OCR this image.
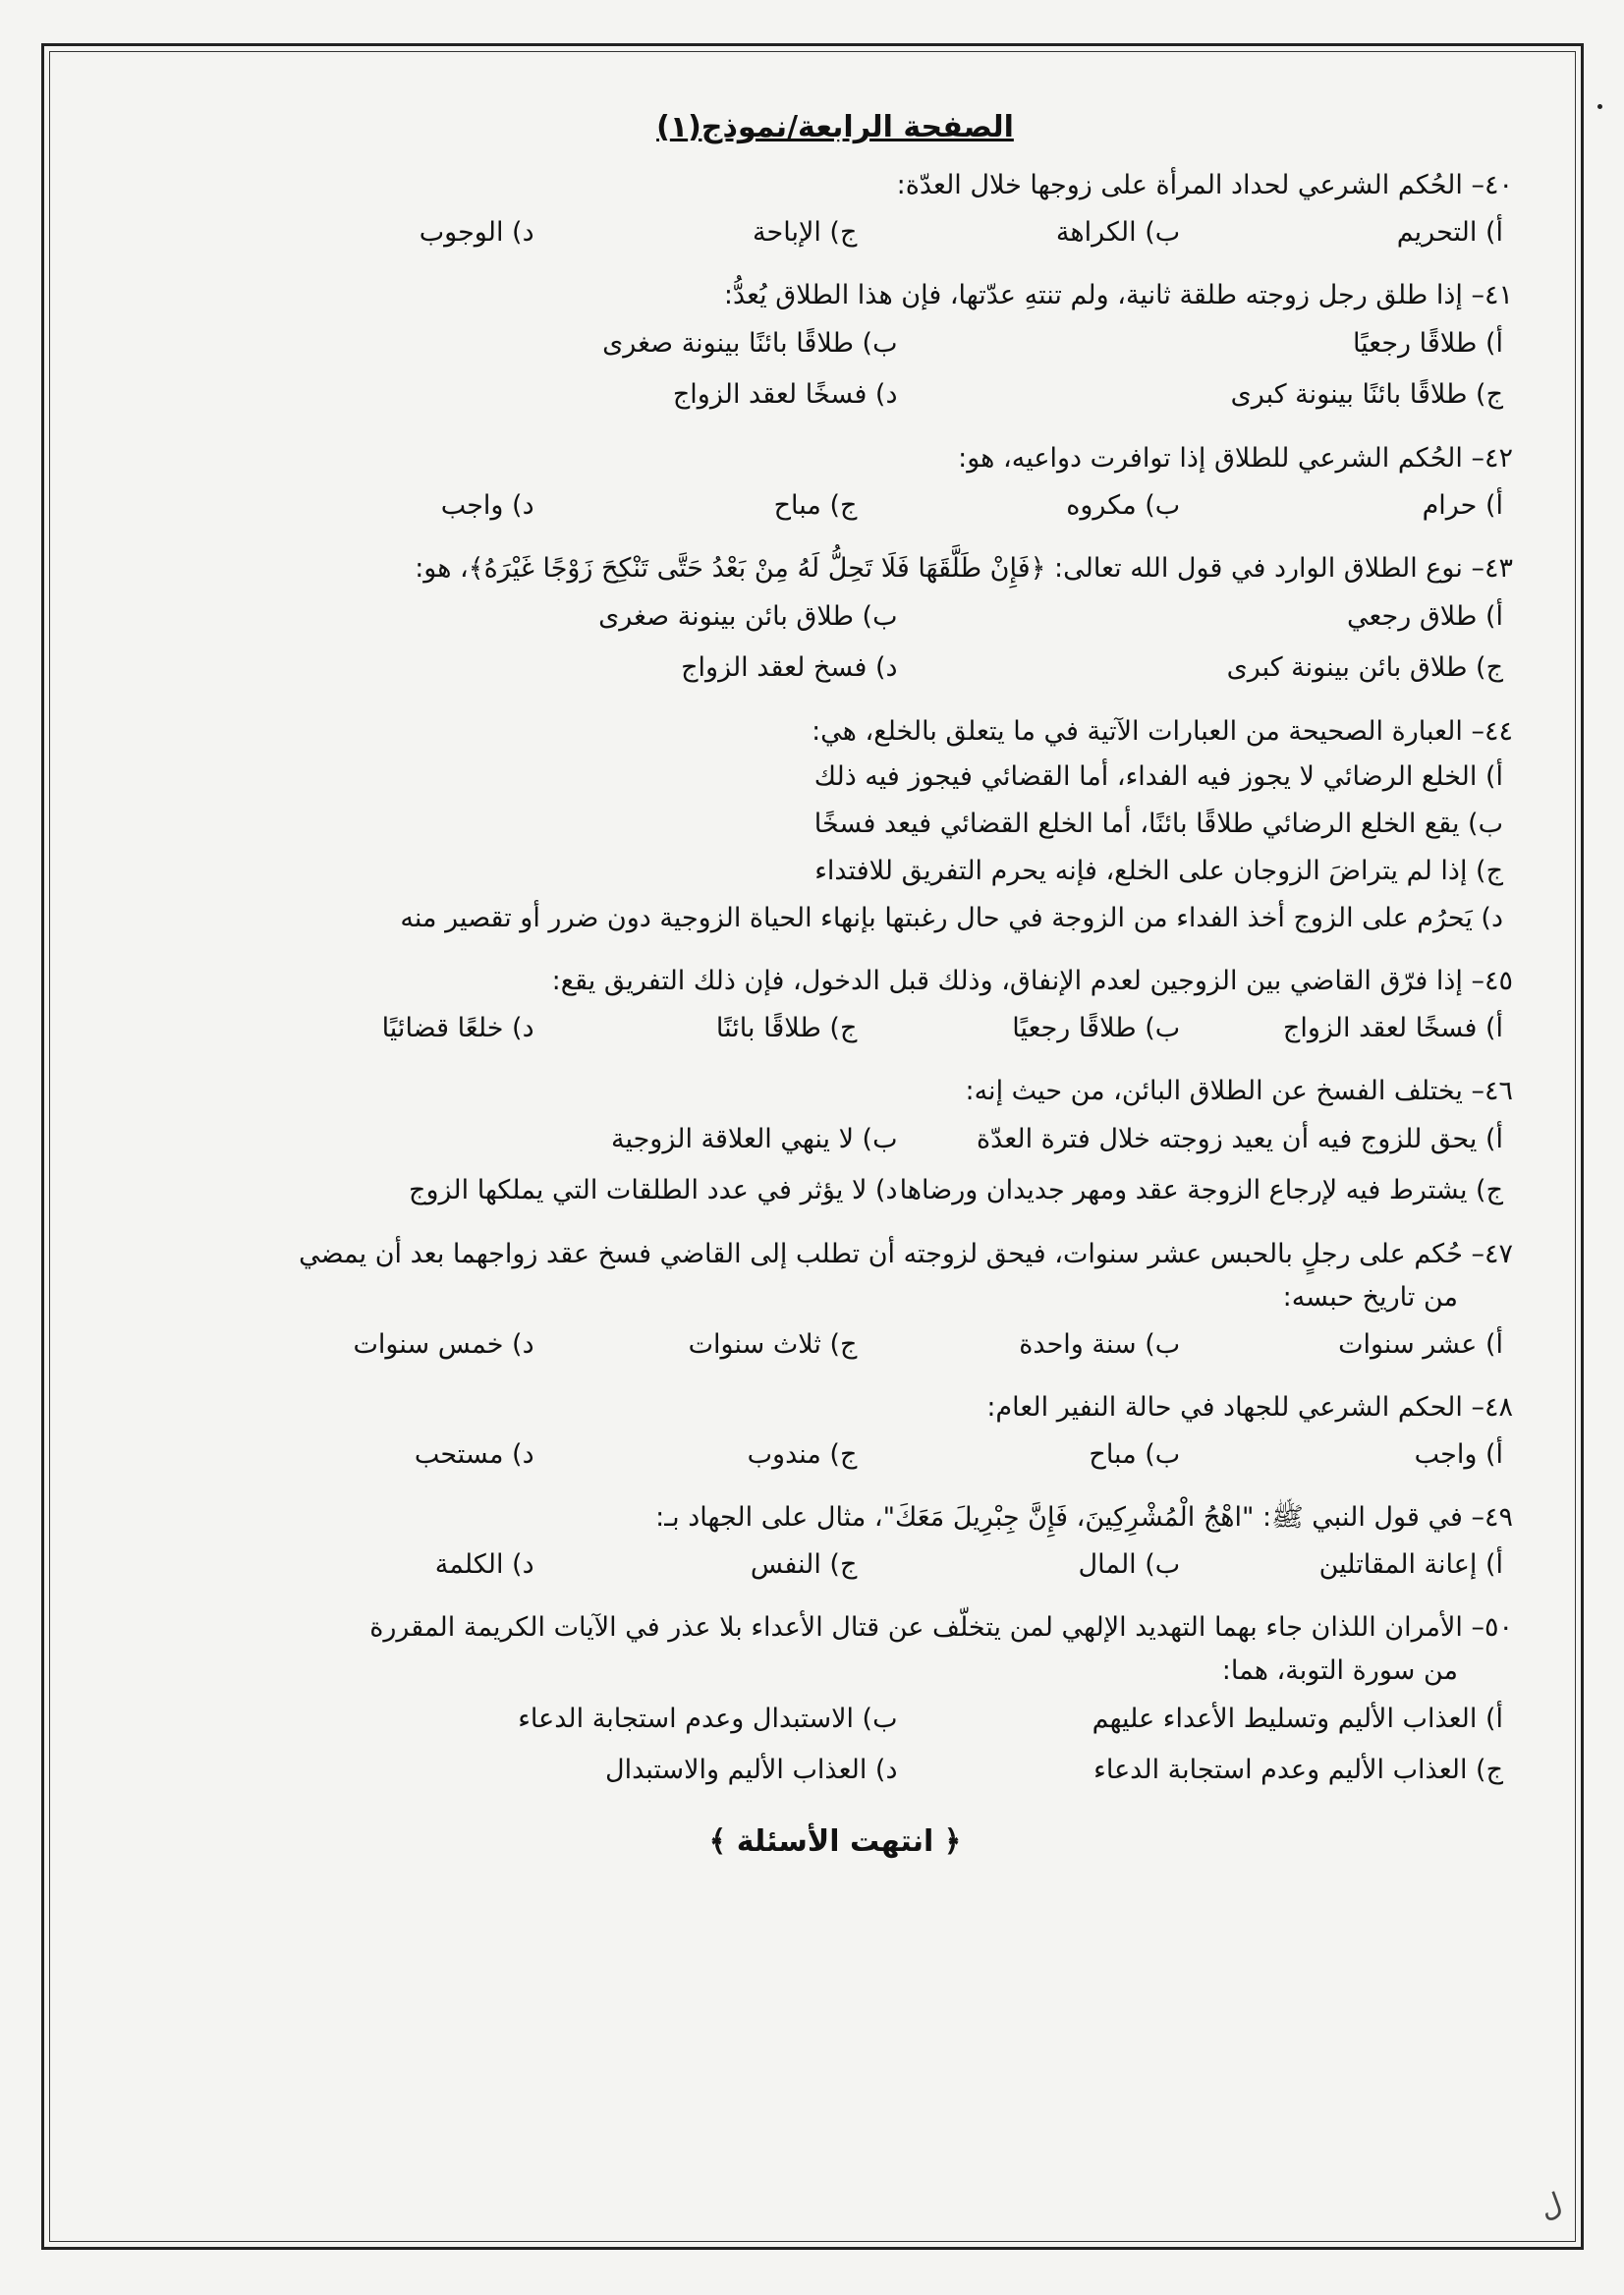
ل
الصفحة الرابعة/نموذج(١)
٤٠– الحُكم الشرعي لحداد المرأة على زوجها خلال العدّة:
أ) التحريم
ب) الكراهة
ج) الإباحة
د) الوجوب
٤١– إذا طلق رجل زوجته طلقة ثانية، ولم تنتهِ عدّتها، فإن هذا الطلاق يُعدُّ:
أ) طلاقًا رجعيًا
ب) طلاقًا بائنًا بينونة صغرى
ج) طلاقًا بائنًا بينونة كبرى
د) فسخًا لعقد الزواج
٤٢– الحُكم الشرعي للطلاق إذا توافرت دواعيه، هو:
أ) حرام
ب) مكروه
ج) مباح
د) واجب
٤٣– نوع الطلاق الوارد في قول الله تعالى: ﴿فَإِنْ طَلَّقَهَا فَلَا تَحِلُّ لَهُ مِنْ بَعْدُ حَتَّى تَنْكِحَ زَوْجًا غَيْرَهُ﴾، هو:
أ) طلاق رجعي
ب) طلاق بائن بينونة صغرى
ج) طلاق بائن بينونة كبرى
د) فسخ لعقد الزواج
٤٤– العبارة الصحيحة من العبارات الآتية في ما يتعلق بالخلع، هي:
أ) الخلع الرضائي لا يجوز فيه الفداء، أما القضائي فيجوز فيه ذلك
ب) يقع الخلع الرضائي طلاقًا بائنًا، أما الخلع القضائي فيعد فسخًا
ج) إذا لم يتراضَ الزوجان على الخلع، فإنه يحرم التفريق للافتداء
د) يَحرُم على الزوج أخذ الفداء من الزوجة في حال رغبتها بإنهاء الحياة الزوجية دون ضرر أو تقصير منه
٤٥– إذا فرّق القاضي بين الزوجين لعدم الإنفاق، وذلك قبل الدخول، فإن ذلك التفريق يقع:
أ) فسخًا لعقد الزواج
ب) طلاقًا رجعيًا
ج) طلاقًا بائنًا
د) خلعًا قضائيًا
٤٦– يختلف الفسخ عن الطلاق البائن، من حيث إنه:
أ) يحق للزوج فيه أن يعيد زوجته خلال فترة العدّة
ب) لا ينهي العلاقة الزوجية
ج) يشترط فيه لإرجاع الزوجة عقد ومهر جديدان ورضاها
د) لا يؤثر في عدد الطلقات التي يملكها الزوج
٤٧– حُكم على رجلٍ بالحبس عشر سنوات، فيحق لزوجته أن تطلب إلى القاضي فسخ عقد زواجهما بعد أن يمضي
من تاريخ حبسه:
أ) عشر سنوات
ب) سنة واحدة
ج) ثلاث سنوات
د) خمس سنوات
٤٨– الحكم الشرعي للجهاد في حالة النفير العام:
أ) واجب
ب) مباح
ج) مندوب
د) مستحب
٤٩– في قول النبي ﷺ: "اهْجُ الْمُشْرِكِينَ، فَإِنَّ جِبْرِيلَ مَعَكَ"، مثال على الجهاد بـ:
أ) إعانة المقاتلين
ب) المال
ج) النفس
د) الكلمة
٥٠– الأمران اللذان جاء بهما التهديد الإلهي لمن يتخلّف عن قتال الأعداء بلا عذر في الآيات الكريمة المقررة
من سورة التوبة، هما:
أ) العذاب الأليم وتسليط الأعداء عليهم
ب) الاستبدال وعدم استجابة الدعاء
ج) العذاب الأليم وعدم استجابة الدعاء
د) العذاب الأليم والاستبدال
﴿ انتهت الأسئلة ﴾
